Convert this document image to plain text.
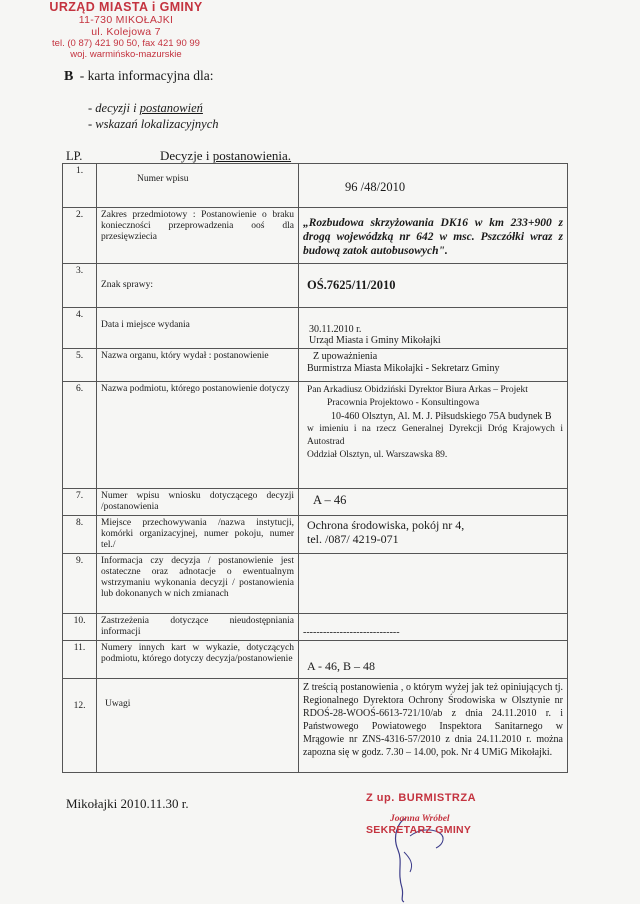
URZĄD MIASTA i GMINY
11-730 MIKOŁAJKI
ul. Kolejowa 7
tel. (0 87) 421 90 50, fax 421 90 99
woj. warmińsko-mazurskie
B - karta informacyjna dla:
- decyzji i postanowień
- wskazań lokalizacyjnych
LP.	Decyzje i postanowienia.
1.	Numer wpisu	96 /48/2010

2.	Zakres przedmiotowy : Postanowienie o braku konieczności przeprowadzenia ooś dla przesięwziecia	„Rozbudowa skrzyżowania DK16 w km 233+900 z drogą wojewódzką nr 642 w msc. Pszczółki wraz z budową zatok autobusowych".

3.	Znak sprawy:	OŚ.7625/11/2010

4.	Data i miejsce wydania	30.11.2010 r.
Urząd Miasta i Gminy Mikołajki

5.	Nazwa organu, który wydał : postanowienie	Z upoważnienia
Burmistrza Miasta Mikołajki - Sekretarz Gminy

6.	Nazwa podmiotu, którego postanowienie dotyczy	Pan Arkadiusz Obidziński Dyrektor Biura Arkas – Projekt
Pracownia Projektowo - Konsultingowa
10-460 Olsztyn, Al. M. J. Piłsudskiego 75A budynek B
w imieniu i na rzecz Generalnej Dyrekcji Dróg Krajowych i Autostrad
Oddział Olsztyn, ul. Warszawska 89.

7.	Numer wpisu wniosku dotyczącego decyzji /postanowienia	A – 46

8.	Miejsce przechowywania /nazwa instytucji, komórki organizacyjnej, numer pokoju, numer tel./	Ochrona środowiska, pokój nr 4,
tel. /087/ 4219-071

9.	Informacja czy decyzja / postanowienie jest ostateczne oraz adnotacje o ewentualnym wstrzymaniu wykonania decyzji / postanowienia lub dokonanych w nich zmianach	
10.	Zastrzeżenia dotyczące nieudostępniania informacji	-----------------------------

11.	Numery innych kart w wykazie, dotyczących podmiotu, którego dotyczy decyzja/postanowienie	A - 46, B – 48

12.	Uwagi	Z treścią postanowienia , o którym wyżej jak też opiniujących tj. Regionalnego Dyrektora Ochrony Środowiska w Olsztynie nr RDOŚ-28-WOOŚ-6613-721/10/ab z dnia 24.11.2010 r. i Państwowego Powiatowego Inspektora Sanitarnego w Mrągowie nr ZNS-4316-57/2010 z dnia 24.11.2010 r. można zapozna się w godz. 7.30 – 14.00, pok. Nr 4 UMiG Mikołajki.
Mikołajki 2010.11.30 r.	Z up. BURMISTRZA
Joanna Wróbel
SEKRETARZ GMINY
